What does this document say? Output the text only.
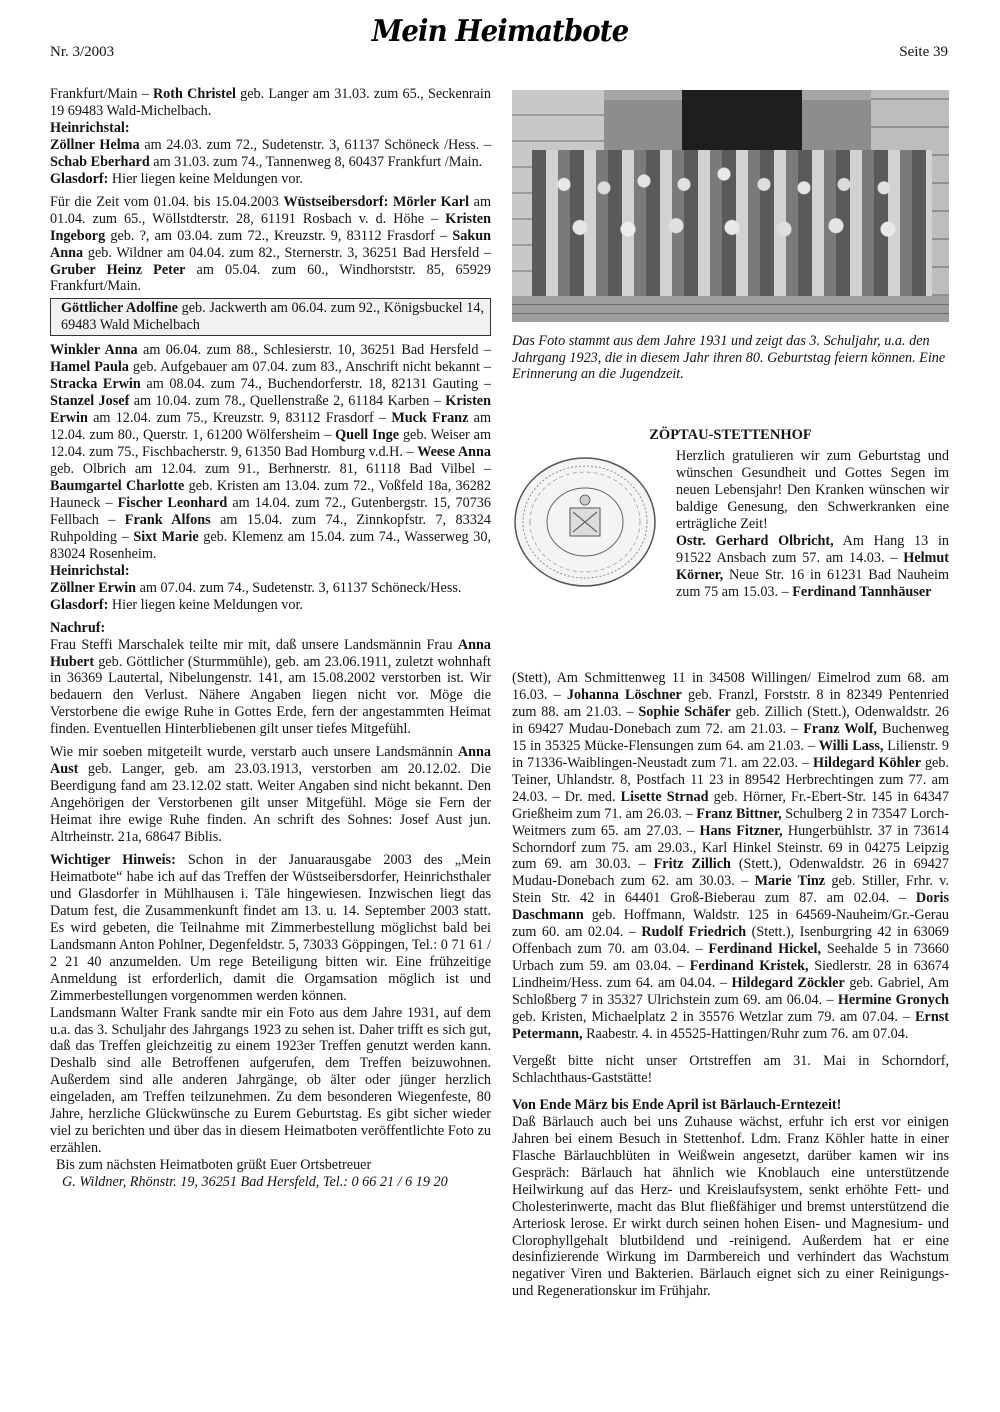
Nr. 3/2003
Mein Heimatbote
Seite 39

Frankfurt/Main – Roth Christel geb. Langer am 31.03. zum 65., Seckenrain 19 69483 Wald-Michelbach.

Heinrichstal:

Zöllner Helma am 24.03. zum 72., Sudetenstr. 3, 61137 Schöneck /Hess. – Schab Eberhard am 31.03. zum 74., Tannenweg 8, 60437 Frankfurt /Main.

Glasdorf: Hier liegen keine Meldungen vor.

Für die Zeit vom 01.04. bis 15.04.2003 Wüstseibersdorf: Mörler Karl am 01.04. zum 65., Wöllstdterstr. 28, 61191 Rosbach v. d. Höhe – Kristen Ingeborg geb. ?, am 03.04. zum 72., Kreuzstr. 9, 83112 Frasdorf – Sakun Anna geb. Wildner am 04.04. zum 82., Sternerstr. 3, 36251 Bad Hersfeld – Gruber Heinz Peter am 05.04. zum 60., Windhorststr. 85, 65929 Frankfurt/Main.

Göttlicher Adolfine geb. Jackwerth am 06.04. zum 92., Königsbuckel 14, 69483 Wald Michelbach

Winkler Anna am 06.04. zum 88., Schlesierstr. 10, 36251 Bad Hersfeld – Hamel Paula geb. Aufgebauer am 07.04. zum 83., Anschrift nicht bekannt – Stracka Erwin am 08.04. zum 74., Buchendorferstr. 18, 82131 Gauting – Stanzel Josef am 10.04. zum 78., Quellenstraße 2, 61184 Karben – Kristen Erwin am 12.04. zum 75., Kreuzstr. 9, 83112 Frasdorf – Muck Franz am 12.04. zum 80., Querstr. 1, 61200 Wölfersheim – Quell Inge geb. Weiser am 12.04. zum 75., Fischbacherstr. 9, 61350 Bad Homburg v.d.H. – Weese Anna geb. Olbrich am 12.04. zum 91., Berhnerstr. 81, 61118 Bad Vilbel – Baumgartel Charlotte geb. Kristen am 13.04. zum 72., Voßfeld 18a, 36282 Hauneck – Fischer Leonhard am 14.04. zum 72., Gutenbergstr. 15, 70736 Fellbach – Frank Alfons am 15.04. zum 74., Zinnkopfstr. 7, 83324 Ruhpolding – Sixt Marie geb. Klemenz am 15.04. zum 74., Wasserweg 30, 83024 Rosenheim.

Heinrichstal:

Zöllner Erwin am 07.04. zum 74., Sudetenstr. 3, 61137 Schöneck/Hess.

Glasdorf: Hier liegen keine Meldungen vor.

Nachruf:

Frau Steffi Marschalek teilte mir mit, daß unsere Landsmännin Frau Anna Hubert geb. Göttlicher (Sturmmühle), geb. am 23.06.1911, zuletzt wohnhaft in 36369 Lautertal, Nibelungenstr. 141, am 15.08.2002 verstorben ist. Wir bedauern den Verlust. Nähere Angaben liegen nicht vor. Möge die Verstorbene die ewige Ruhe in Gottes Erde, fern der angestammten Heimat finden. Eventuellen Hinterbliebenen gilt unser tiefes Mitgefühl.

Wie mir soeben mitgeteilt wurde, verstarb auch unsere Landsmännin Anna Aust geb. Langer, geb. am 23.03.1913, verstorben am 20.12.02. Die Beerdigung fand am 23.12.02 statt. Weiter Angaben sind nicht bekannt. Den Angehörigen der Verstorbenen gilt unser Mitgefühl. Möge sie Fern der Heimat ihre ewige Ruhe finden. An schrift des Sohnes: Josef Aust jun. Altrheinstr. 21a, 68647 Biblis.

Wichtiger Hinweis: Schon in der Januarausgabe 2003 des „Mein Heimatbote“ habe ich auf das Treffen der Wüstseibersdorfer, Heinrichsthaler und Glasdorfer in Mühlhausen i. Täle hingewiesen. Inzwischen liegt das Datum fest, die Zusammenkunft findet am 13. u. 14. September 2003 statt. Es wird gebeten, die Teilnahme mit Zimmerbestellung möglichst bald bei Landsmann Anton Pohlner, Degenfeldstr. 5, 73033 Göppingen, Tel.: 0 71 61 / 2 21 40 anzumelden. Um rege Beteiligung bitten wir. Eine frühzeitige Anmeldung ist erforderlich, damit die Orgamsation möglich ist und Zimmerbestellungen vorgenommen werden können.

Landsmann Walter Frank sandte mir ein Foto aus dem Jahre 1931, auf dem u.a. das 3. Schuljahr des Jahrgangs 1923 zu sehen ist. Daher trifft es sich gut, daß das Treffen gleichzeitig zu einem 1923er Treffen genutzt werden kann. Deshalb sind alle Betroffenen aufgerufen, dem Treffen beizuwohnen. Außerdem sind alle anderen Jahrgänge, ob älter oder jünger herzlich eingeladen, am Treffen teilzunehmen. Zu dem besonderen Wiegenfeste, 80 Jahre, herzliche Glückwünsche zu Eurem Geburtstag. Es gibt sicher wieder viel zu berichten und über das in diesem Heimatboten veröffentlichte Foto zu erzählen.

Bis zum nächsten Heimatboten grüßt Euer Ortsbetreuer

G. Wildner, Rhönstr. 19, 36251 Bad Hersfeld, Tel.: 0 66 21 / 6 19 20

Das Foto stammt aus dem Jahre 1931 und zeigt das 3. Schuljahr, u.a. den Jahrgang 1923, die in diesem Jahr ihren 80. Geburtstag feiern können. Eine Erinnerung an die Jugendzeit.
ZÖPTAU-STETTENHOF

Herzlich gratulieren wir zum Geburtstag und wünschen Gesundheit und Gottes Segen im neuen Lebensjahr! Den Kranken wünschen wir baldige Genesung, den Schwerkranken eine erträgliche Zeit!

Ostr. Gerhard Olbricht, Am Hang 13 in 91522 Ansbach zum 57. am 14.03. – Helmut Körner, Neue Str. 16 in 61231 Bad Nauheim zum 75 am 15.03. – Ferdinand Tannhäuser

(Stett), Am Schmittenweg 11 in 34508 Willingen/ Eimelrod zum 68. am 16.03. – Johanna Löschner geb. Franzl, Forststr. 8 in 82349 Pentenried zum 88. am 21.03. – Sophie Schäfer geb. Zillich (Stett.), Odenwaldstr. 26 in 69427 Mudau-Donebach zum 72. am 21.03. – Franz Wolf, Buchenweg 15 in 35325 Mücke-Flensungen zum 64. am 21.03. – Willi Lass, Lilienstr. 9 in 71336-Waiblingen-Neustadt zum 71. am 22.03. – Hildegard Köhler geb. Teiner, Uhlandstr. 8, Postfach 11 23 in 89542 Herbrechtingen zum 77. am 24.03. – Dr. med. Lisette Strnad geb. Hörner, Fr.-Ebert-Str. 145 in 64347 Grießheim zum 71. am 26.03. – Franz Bittner, Schulberg 2 in 73547 Lorch-Weitmers zum 65. am 27.03. – Hans Fitzner, Hungerbühlstr. 37 in 73614 Schorndorf zum 75. am 29.03., Karl Hinkel Steinstr. 69 in 04275 Leipzig zum 69. am 30.03. – Fritz Zillich (Stett.), Odenwaldstr. 26 in 69427 Mudau-Donebach zum 62. am 30.03. – Marie Tinz geb. Stiller, Frhr. v. Stein Str. 42 in 64401 Groß-Bieberau zum 87. am 02.04. – Doris Daschmann geb. Hoffmann, Waldstr. 125 in 64569-Nauheim/Gr.-Gerau zum 60. am 02.04. – Rudolf Friedrich (Stett.), Isenburgring 42 in 63069 Offenbach zum 70. am 03.04. – Ferdinand Hickel, Seehalde 5 in 73660 Urbach zum 59. am 03.04. – Ferdinand Kristek, Siedlerstr. 28 in 63674 Lindheim/Hess. zum 64. am 04.04. – Hildegard Zöckler geb. Gabriel, Am Schloßberg 7 in 35327 Ulrichstein zum 69. am 06.04. – Hermine Gronych geb. Kristen, Michaelplatz 2 in 35576 Wetzlar zum 79. am 07.04. – Ernst Petermann, Raabestr. 4. in 45525-Hattingen/Ruhr zum 76. am 07.04.

Vergeßt bitte nicht unser Ortstreffen am 31. Mai in Schorndorf, Schlachthaus-Gaststätte!

Von Ende März bis Ende April ist Bärlauch-Erntezeit!

Daß Bärlauch auch bei uns Zuhause wächst, erfuhr ich erst vor einigen Jahren bei einem Besuch in Stettenhof. Ldm. Franz Köhler hatte in einer Flasche Bärlauchblüten in Weißwein angesetzt, darüber kamen wir ins Gespräch: Bärlauch hat ähnlich wie Knoblauch eine unterstützende Heilwirkung auf das Herz- und Kreislaufsystem, senkt erhöhte Fett- und Cholesterinwerte, macht das Blut fließfähiger und bremst unterstützend die Arteriosk lerose. Er wirkt durch seinen hohen Eisen- und Magnesium- und Clorophyllgehalt blutbildend und -reinigend. Außerdem hat er eine desinfizierende Wirkung im Darmbereich und verhindert das Wachstum negativer Viren und Bakterien. Bärlauch eignet sich zu einer Reinigungs- und Regenerationskur im Frühjahr.
